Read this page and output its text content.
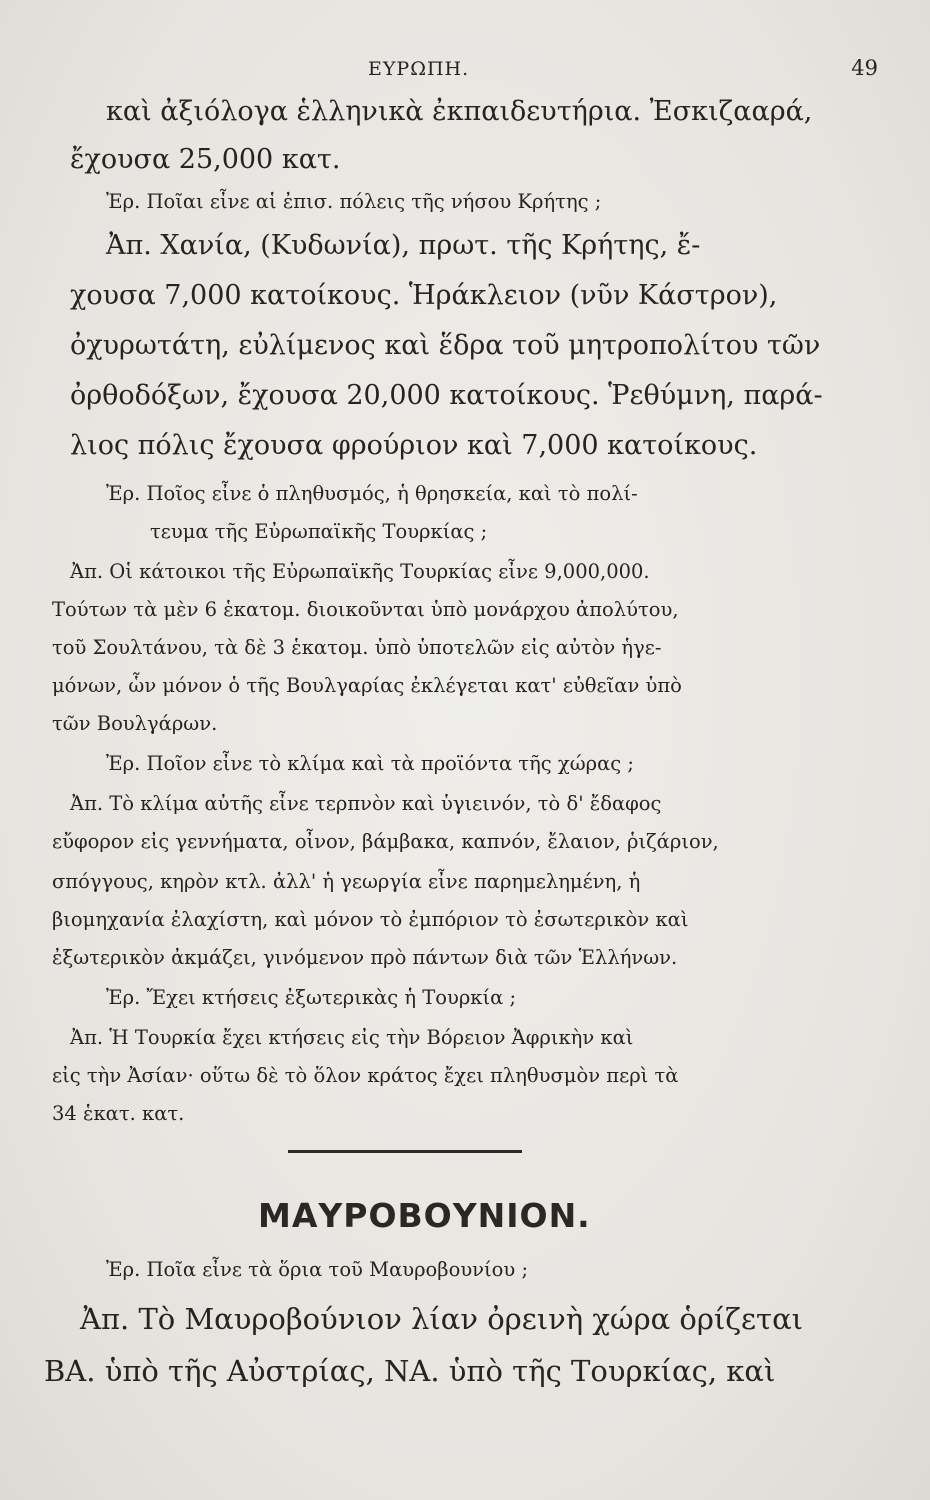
ΕΥΡΩΠΗ.	49
καὶ ἀξιόλογα ἑλληνικὰ ἐκπαιδευτήρια. Ἐσκιζααρά,
ἔχουσα 25,000 κατ.
Ἐρ. Ποῖαι εἶνε αἱ ἐπισ. πόλεις τῆς νήσου Κρήτης ;
Ἀπ. Χανία, (Κυδωνία), πρωτ. τῆς Κρήτης, ἔ-
χουσα 7,000 κατοίκους. Ἡράκλειον (νῦν Κάστρον),
ὀχυρωτάτη, εὐλίμενος καὶ ἕδρα τοῦ μητροπολίτου τῶν
ὀρθοδόξων, ἔχουσα 20,000 κατοίκους. Ῥεθύμνη, παρά-
λιος πόλις ἔχουσα φρούριον καὶ 7,000 κατοίκους.
Ἐρ. Ποῖος εἶνε ὁ πληθυσμός, ἡ θρησκεία, καὶ τὸ πολί-
τευμα τῆς Εὐρωπαϊκῆς Τουρκίας ;
Ἀπ. Οἱ κάτοικοι τῆς Εὐρωπαϊκῆς Τουρκίας εἶνε 9,000,000.
Τούτων τὰ μὲν 6 ἑκατομ. διοικοῦνται ὑπὸ μονάρχου ἀπολύτου,
τοῦ Σουλτάνου, τὰ δὲ 3 ἑκατομ. ὑπὸ ὑποτελῶν εἰς αὐτὸν ἡγε-
μόνων, ὧν μόνον ὁ τῆς Βουλγαρίας ἐκλέγεται κατ' εὐθεῖαν ὑπὸ
τῶν Βουλγάρων.
Ἐρ. Ποῖον εἶνε τὸ κλίμα καὶ τὰ προϊόντα τῆς χώρας ;
Ἀπ. Τὸ κλίμα αὐτῆς εἶνε τερπνὸν καὶ ὑγιεινόν, τὸ δ' ἔδαφος
εὔφορον εἰς γεννήματα, οἶνον, βάμβακα, καπνόν, ἔλαιον, ῥιζάριον,
σπόγγους, κηρὸν κτλ. ἀλλ' ἡ γεωργία εἶνε παρημελημένη, ἡ
βιομηχανία ἐλαχίστη, καὶ μόνον τὸ ἐμπόριον τὸ ἐσωτερικὸν καὶ
ἐξωτερικὸν ἀκμάζει, γινόμενον πρὸ πάντων διὰ τῶν Ἑλλήνων.
Ἐρ. Ἔχει κτήσεις ἐξωτερικὰς ἡ Τουρκία ;
Ἀπ. Ἡ Τουρκία ἔχει κτήσεις εἰς τὴν Βόρειον Ἀφρικὴν καὶ
εἰς τὴν Ἀσίαν· οὕτω δὲ τὸ ὅλον κράτος ἔχει πληθυσμὸν περὶ τὰ
34 ἑκατ. κατ.
ΜΑΥΡΟΒΟΥΝΙΟΝ.
Ἐρ. Ποῖα εἶνε τὰ ὅρια τοῦ Μαυροβουνίου ;
Ἀπ. Τὸ Μαυροβούνιον λίαν ὀρεινὴ χώρα ὁρίζεται
ΒΑ. ὑπὸ τῆς Αὐστρίας, ΝΑ. ὑπὸ τῆς Τουρκίας, καὶ
